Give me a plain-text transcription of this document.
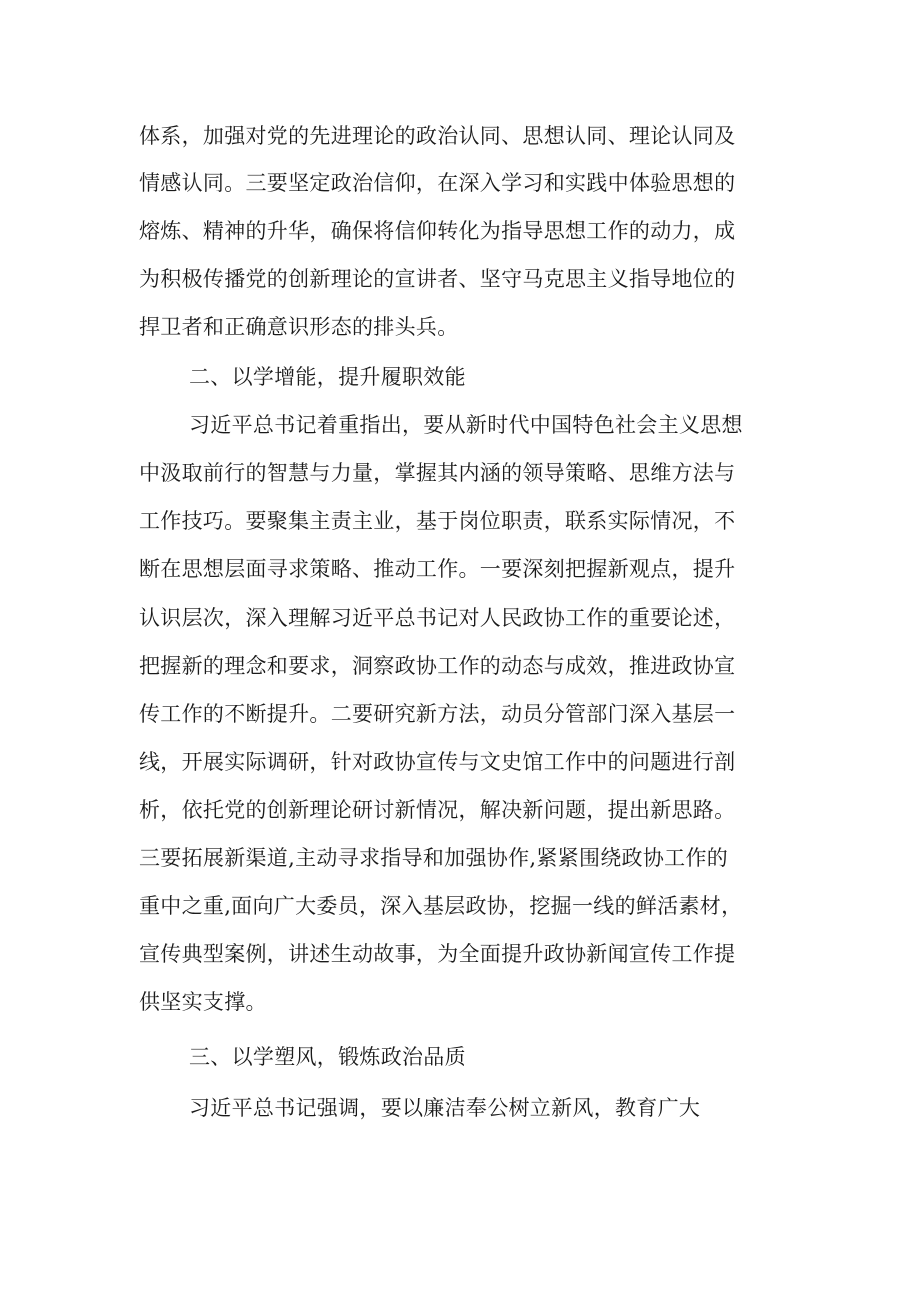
体系，加强对党的先进理论的政治认同、思想认同、理论认同及
情感认同。三要坚定政治信仰，在深入学习和实践中体验思想的
熔炼、精神的升华，确保将信仰转化为指导思想工作的动力，成
为积极传播党的创新理论的宣讲者、坚守马克思主义指导地位的
捍卫者和正确意识形态的排头兵。
二、以学增能，提升履职效能
习近平总书记着重指出，要从新时代中国特色社会主义思想
中汲取前行的智慧与力量，掌握其内涵的领导策略、思维方法与
工作技巧。要聚集主责主业，基于岗位职责，联系实际情况，不
断在思想层面寻求策略、推动工作。一要深刻把握新观点，提升
认识层次，深入理解习近平总书记对人民政协工作的重要论述，
把握新的理念和要求，洞察政协工作的动态与成效，推进政协宣
传工作的不断提升。二要研究新方法，动员分管部门深入基层一
线，开展实际调研，针对政协宣传与文史馆工作中的问题进行剖
析，依托党的创新理论研讨新情况，解决新问题，提出新思路。
三要拓展新渠道,主动寻求指导和加强协作,紧紧围绕政协工作的
重中之重,面向广大委员，深入基层政协，挖掘一线的鲜活素材，
宣传典型案例，讲述生动故事，为全面提升政协新闻宣传工作提
供坚实支撑。
三、以学塑风，锻炼政治品质
习近平总书记强调，要以廉洁奉公树立新风，教育广大
